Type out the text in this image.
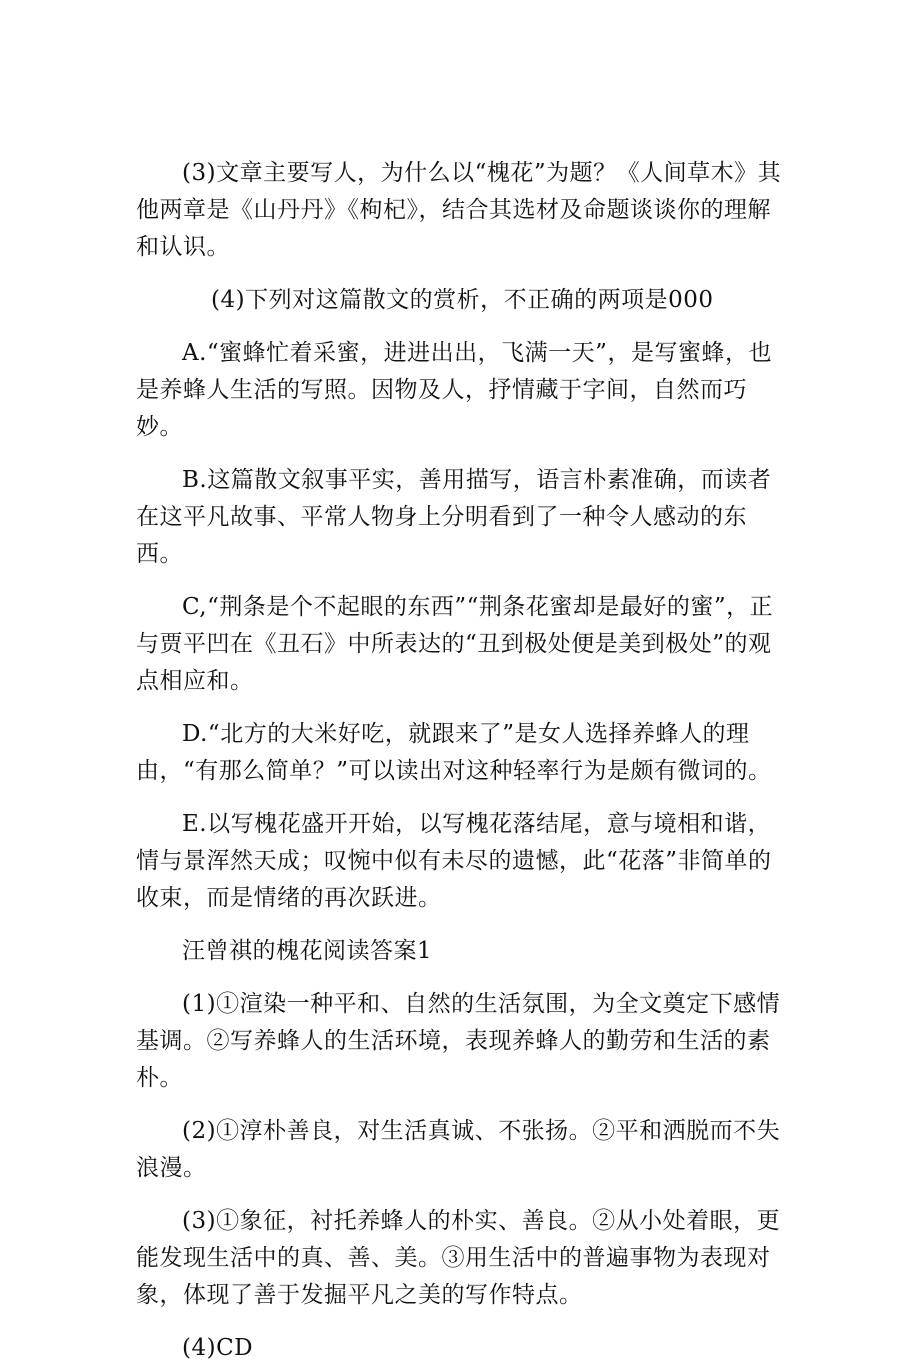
(3)文章主要写人，为什么以“槐花”为题？《人间草木》其他两章是《山丹丹》《枸杞》，结合其选材及命题谈谈你的理解和认识。

(4)下列对这篇散文的赏析，不正确的两项是000

A.“蜜蜂忙着采蜜，进进出出，飞满一天”，是写蜜蜂，也是养蜂人生活的写照。因物及人，抒情藏于字间，自然而巧妙。

B.这篇散文叙事平实，善用描写，语言朴素准确，而读者在这平凡故事、平常人物身上分明看到了一种令人感动的东西。

C,“荆条是个不起眼的东西”“荆条花蜜却是最好的蜜”，正与贾平凹在《丑石》中所表达的“丑到极处便是美到极处”的观点相应和。

D.“北方的大米好吃，就跟来了”是女人选择养蜂人的理由，“有那么简单？”可以读出对这种轻率行为是颇有微词的。

E.以写槐花盛开开始，以写槐花落结尾，意与境相和谐，情与景浑然天成；叹惋中似有未尽的遗憾，此“花落”非简单的收束，而是情绪的再次跃进。

汪曾祺的槐花阅读答案1

(1)①渲染一种平和、自然的生活氛围，为全文奠定下感情基调。②写养蜂人的生活环境，表现养蜂人的勤劳和生活的素朴。

(2)①淳朴善良，对生活真诚、不张扬。②平和洒脱而不失浪漫。

(3)①象征，衬托养蜂人的朴实、善良。②从小处着眼，更能发现生活中的真、善、美。③用生活中的普遍事物为表现对象，体现了善于发掘平凡之美的写作特点。

(4)CD
